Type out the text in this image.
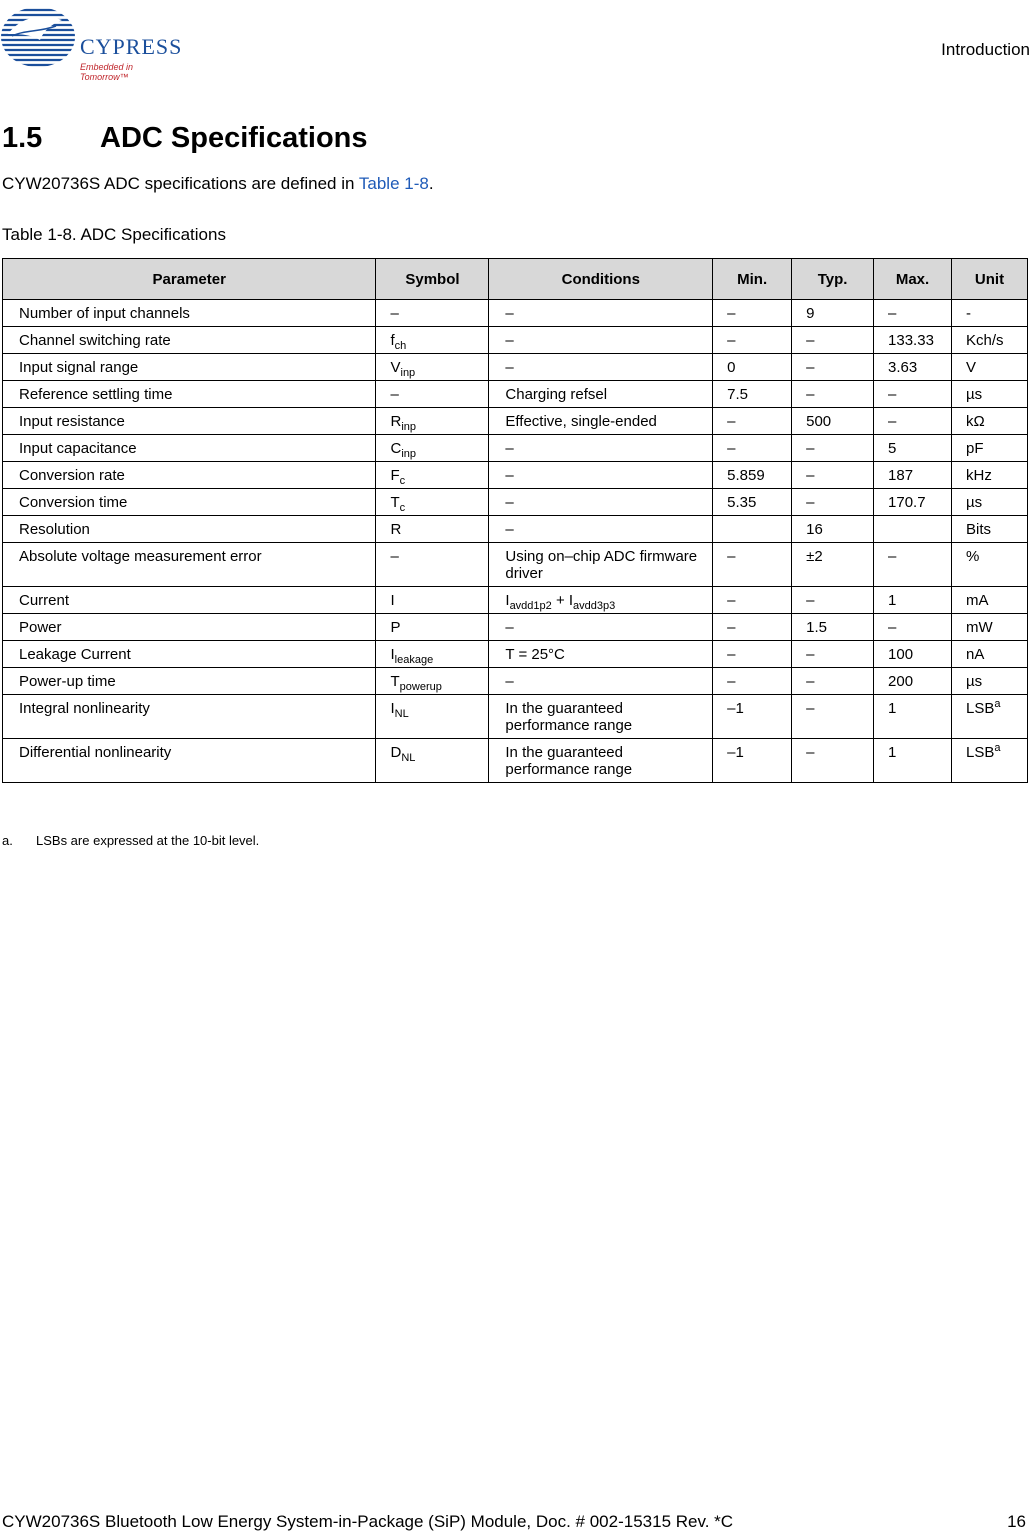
CYPRESS
Embedded in Tomorrow™
Introduction
1.5 ADC Specifications

CYW20736S ADC specifications are defined in Table 1-8.

Table 1-8. ADC Specifications

Parameter	Symbol	Conditions	Min.	Typ.	Max.	Unit
Number of input channels	–	–	–	9	–	-
Channel switching rate	$f_{ch}$	–	–	–	133.33	Kch/s
Input signal range	$V_{inp}$	–	0	–	3.63	V
Reference settling time	–	Charging refsel	7.5	–	–	µs
Input resistance	$R_{inp}$	Effective, single-ended	–	500	–	kΩ
Input capacitance	$C_{inp}$	–	–	–	5	pF
Conversion rate	$F_c$	–	5.859	–	187	kHz
Conversion time	$T_c$	–	5.35	–	170.7	µs
Resolution	R	–		16		Bits
Absolute voltage measurement error	–	Using on–chip ADC firmware driver	–	±2	–	%
Current	I	$I_{avdd1p2} + I_{avdd3p3}$	–	–	1	mA
Power	P	–	–	1.5	–	mW
Leakage Current	$I_{leakage}$	T = 25°C	–	–	100	nA
Power-up time	$T_{powerup}$	–	–	–	200	µs
Integral nonlinearity	$I_{NL}$	In the guaranteed performance range	–1	–	1	LSB$^a$
Differential nonlinearity	$D_{NL}$	In the guaranteed performance range	–1	–	1	LSB$^a$

a. LSBs are expressed at the 10-bit level.

CYW20736S Bluetooth Low Energy System-in-Package (SiP) Module, Doc. # 002-15315 Rev. *C	16
